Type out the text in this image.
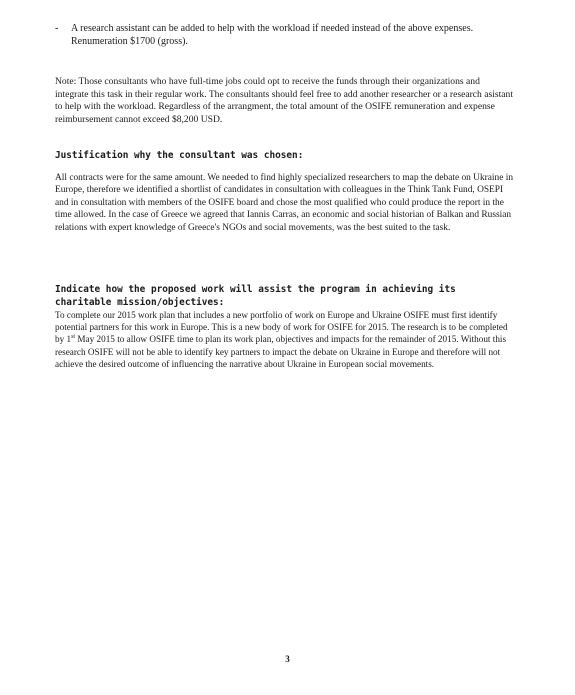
-	A research assistant can be added to help with the workload if needed instead of the above expenses. Renumeration $1700 (gross).

Note: Those consultants who have full-time jobs could opt to receive the funds through their organizations and integrate this task in their regular work. The consultants should feel free to add another researcher or a research asistant to help with the workload. Regardless of the arrangment, the total amount of the OSIFE remuneration and expense reimbursement cannot exceed $8,200 USD.

Justification why the consultant was chosen:

All contracts were for the same amount. We needed to find highly specialized researchers to map the debate on Ukraine in Europe, therefore we identified a shortlist of candidates in consultation with colleagues in the Think Tank Fund, OSEPI and in consultation with members of the OSIFE board and chose the most qualified who could produce the report in the time allowed. In the case of Greece we agreed that Iannis Carras, an economic and social historian of Balkan and Russian relations with expert knowledge of Greece's NGOs and social movements, was the best suited to the task.

Indicate how the proposed work will assist the program in achieving its charitable mission/objectives:

To complete our 2015 work plan that includes a new portfolio of work on Europe and Ukraine OSIFE must first identify potential partners for this work in Europe. This is a new body of work for OSIFE for 2015. The research is to be completed by 1st May 2015 to allow OSIFE time to plan its work plan, objectives and impacts for the remainder of 2015. Without this research OSIFE will not be able to identify key partners to impact the debate on Ukraine in Europe and therefore will not achieve the desired outcome of influencing the narrative about Ukraine in European social movements.

3
